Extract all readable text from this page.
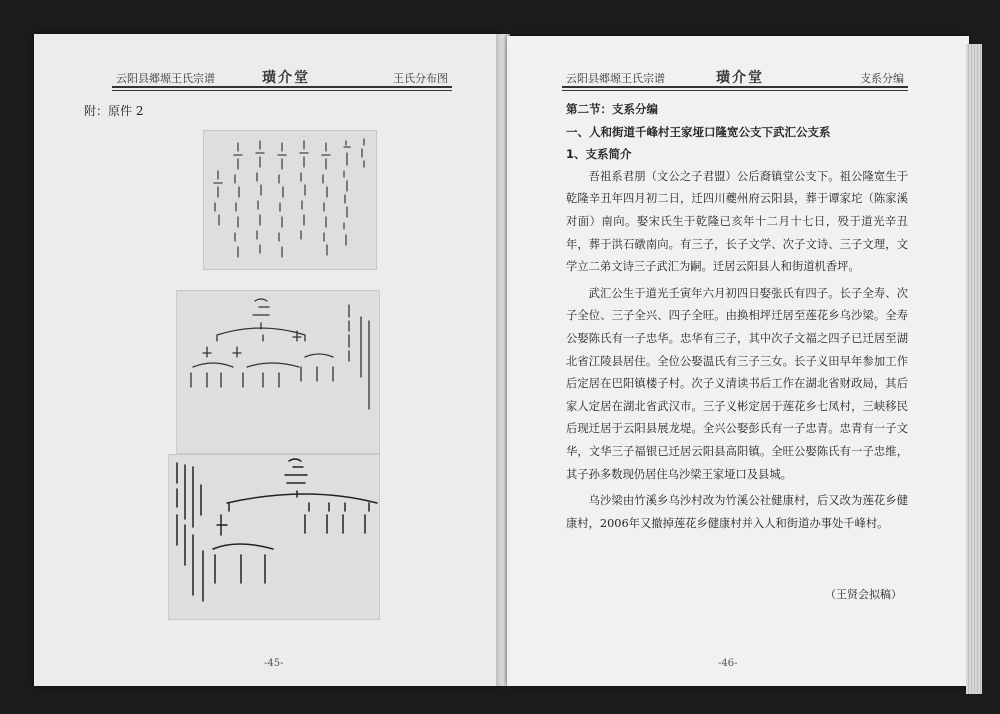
云阳县郷塬王氏宗谱	璜介堂	王氏分布图
附：原件 2
-45-
云阳县郷塬王氏宗谱	璜介堂	支系分编
第二节：支系分编
一、人和街道千峰村王家垭口隆宽公支下武汇公支系
1、支系简介

吾祖系君朋（文公之子君盟）公后裔镇堂公支下。祖公隆宽生于乾隆辛丑年四月初二日，迁四川夔州府云阳县，葬于谭家坨（陈家溪对面）南向。娶宋氏生于乾隆已亥年十二月十七日，殁于道光辛丑年，葬于洪石礅南向。有三子，长子文学、次子文诗、三子文理，文学立二弟文诗三子武汇为嗣。迁居云阳县人和街道机香坪。

武汇公生于道光壬寅年六月初四日娶张氏有四子。长子全寿、次子全位、三子全兴、四子全旺。由换相坪迁居至莲花乡乌沙梁。全寿公娶陈氏有一子忠华。忠华有三子，其中次子文福之四子已迁居至湖北省江陵县居住。全位公娶温氏有三子三女。长子义田早年参加工作后定居在巴阳镇楼子村。次子义清读书后工作在湖北省财政局，其后家人定居在湖北省武汉市。三子义彬定居于莲花乡七凤村，三峡移民后现迁居于云阳县展龙堤。全兴公娶彭氏有一子忠青。忠青有一子文华，文华三子福银已迁居云阳县高阳镇。全旺公娶陈氏有一子忠维，其子孙多数现仍居住乌沙梁王家垭口及县城。

乌沙梁由竹溪乡乌沙村改为竹溪公社健康村，后又改为莲花乡健康村，2006年又撤掉莲花乡健康村并入人和街道办事处千峰村。

（王贤会拟稿）
-46-
